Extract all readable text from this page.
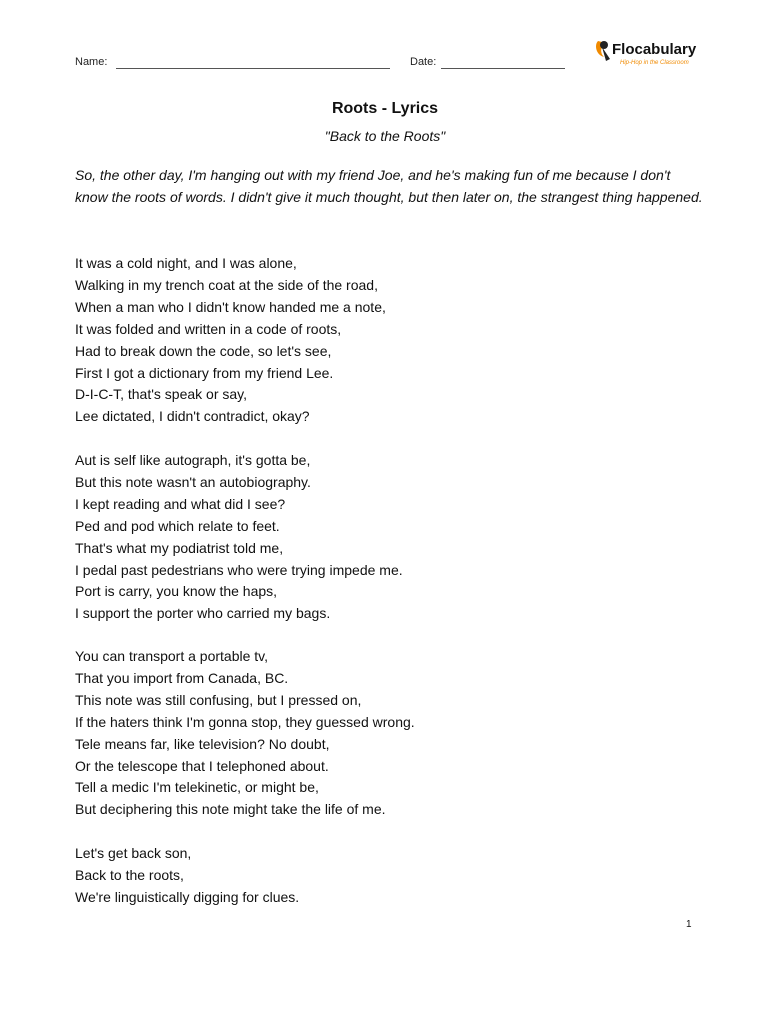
Name:	Date:
Flocabulary
Hip-Hop in the Classroom
Roots - Lyrics
"Back to the Roots"
So, the other day, I'm hanging out with my friend Joe, and he's making fun of me because I don't know the roots of words. I didn't give it much thought, but then later on, the strangest thing happened.
It was a cold night, and I was alone,
Walking in my trench coat at the side of the road,
When a man who I didn't know handed me a note,
It was folded and written in a code of roots,
Had to break down the code, so let's see,
First I got a dictionary from my friend Lee.
D-I-C-T, that's speak or say,
Lee dictated, I didn't contradict, okay?
Aut is self like autograph, it's gotta be,
But this note wasn't an autobiography.
I kept reading and what did I see?
Ped and pod which relate to feet.
That's what my podiatrist told me,
I pedal past pedestrians who were trying impede me.
Port is carry, you know the haps,
I support the porter who carried my bags.
You can transport a portable tv,
That you import from Canada, BC.
This note was still confusing, but I pressed on,
If the haters think I'm gonna stop, they guessed wrong.
Tele means far, like television? No doubt,
Or the telescope that I telephoned about.
Tell a medic I'm telekinetic, or might be,
But deciphering this note might take the life of me.
Let's get back son,
Back to the roots,
We're linguistically digging for clues.
1
